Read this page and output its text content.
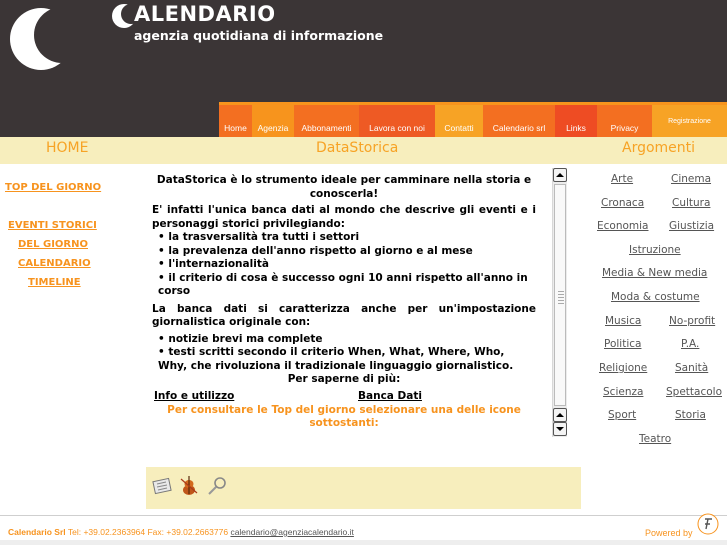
ALENDARIO
agenzia quotidiana di informazione
Home	Agenzia	Abbonamenti	Lavora con noi	Contatti	Calendario srl	Links	Privacy
Registrazione
HOME	DataStorica	Argomenti
TOP DEL GIORNO
EVENTI STORICI
DEL GIORNO
CALENDARIO
TIMELINE

DataStorica è lo strumento ideale per camminare nella storia e conoscerla!

E' infatti l'unica banca dati al mondo che descrive gli eventi e i personaggi storici privilegiando:

• la trasversalità tra tutti i settori

• la prevalenza dell'anno rispetto al giorno e al mese

• l'internazionalità

• il criterio di cosa è successo ogni 10 anni rispetto all'anno in corso

La banca dati si caratterizza anche per un'impostazione giornalistica originale con:

• notizie brevi ma complete

• testi scritti secondo il criterio When, What, Where, Who, Why, che rivoluziona il tradizionale linguaggio giornalistico.

Per saperne di più:

Info e utilizzo	Banca Dati

Per consultare le Top del giorno selezionare una delle icone sottostanti:

Arte	Cinema
Cronaca	Cultura
Economia Giustizia
Istruzione
Media & New media
Moda & costume
Musica	No-profit
Politica	P.A.
Religione	Sanità
Scienza Spettacolo
Sport	Storia
Teatro
Calendario Srl Tel: +39.02.2363964 Fax: +39.02.2663776 calendario@agenziacalendario.it	Powered by
